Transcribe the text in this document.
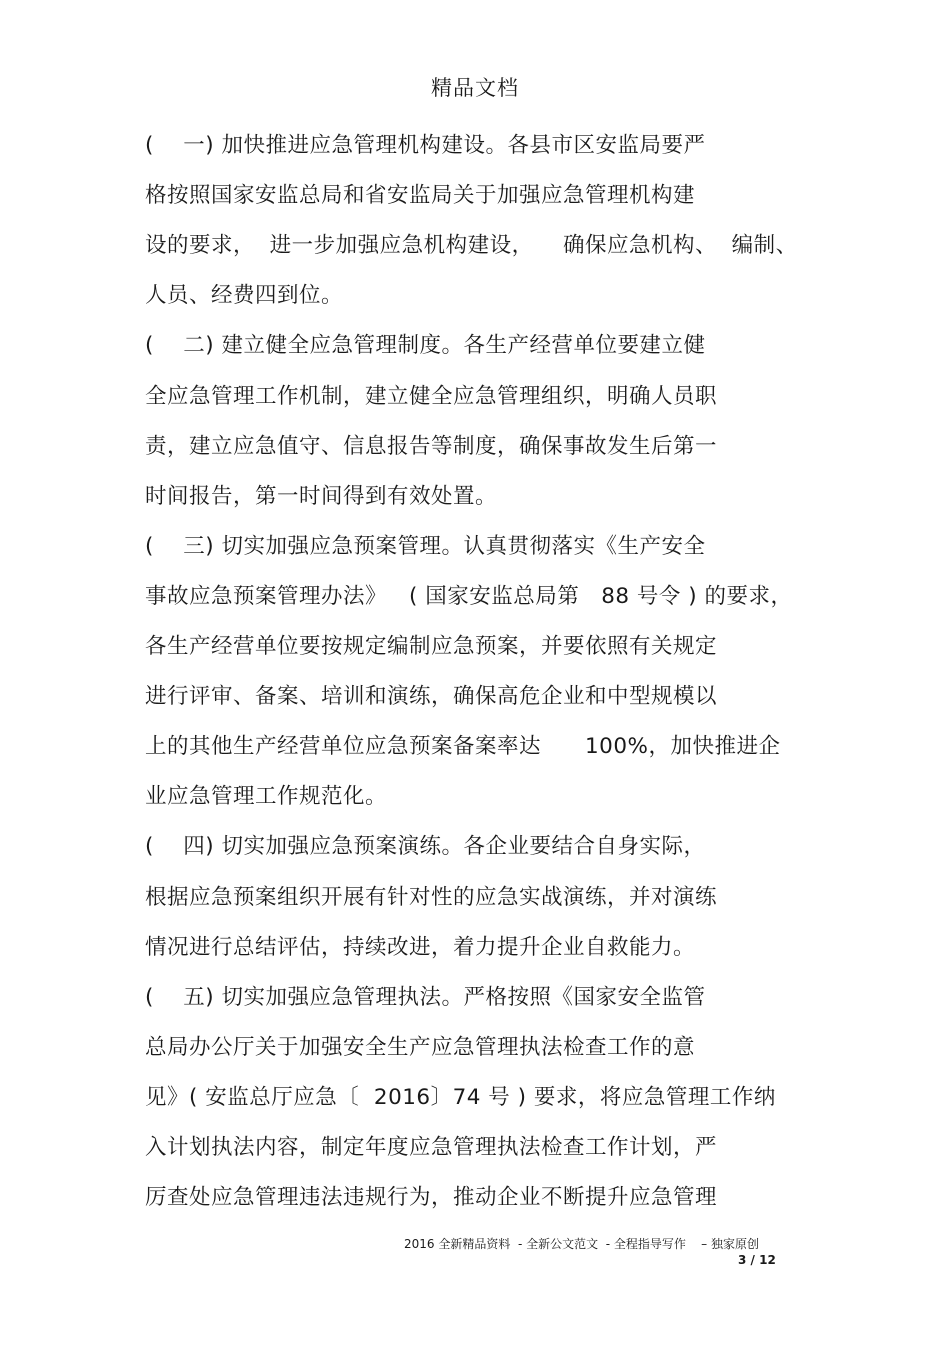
精品文档
(    一) 加快推进应急管理机构建设。各县市区安监局要严
格按照国家安监总局和省安监局关于加强应急管理机构建
设的要求，  进一步加强应急机构建设，    确保应急机构、  编制、
人员、经费四到位。
(    二) 建立健全应急管理制度。各生产经营单位要建立健
全应急管理工作机制，建立健全应急管理组织，明确人员职
责，建立应急值守、信息报告等制度，确保事故发生后第一
时间报告，第一时间得到有效处置。
(    三) 切实加强应急预案管理。认真贯彻落实《生产安全
事故应急预案管理办法》   ( 国家安监总局第   88 号令 ) 的要求，
各生产经营单位要按规定编制应急预案，并要依照有关规定
进行评审、备案、培训和演练，确保高危企业和中型规模以
上的其他生产经营单位应急预案备案率达      100%，加快推进企
业应急管理工作规范化。
(    四) 切实加强应急预案演练。各企业要结合自身实际，
根据应急预案组织开展有针对性的应急实战演练，并对演练
情况进行总结评估，持续改进，着力提升企业自救能力。
(    五) 切实加强应急管理执法。严格按照《国家安全监管
总局办公厅关于加强安全生产应急管理执法检查工作的意
见》( 安监总厅应急〔  2016〕74 号 ) 要求，将应急管理工作纳
入计划执法内容，制定年度应急管理执法检查工作计划，严
厉查处应急管理违法违规行为，推动企业不断提升应急管理
2016 全新精品资料  - 全新公文范文  - 全程指导写作    – 独家原创
3 / 12
